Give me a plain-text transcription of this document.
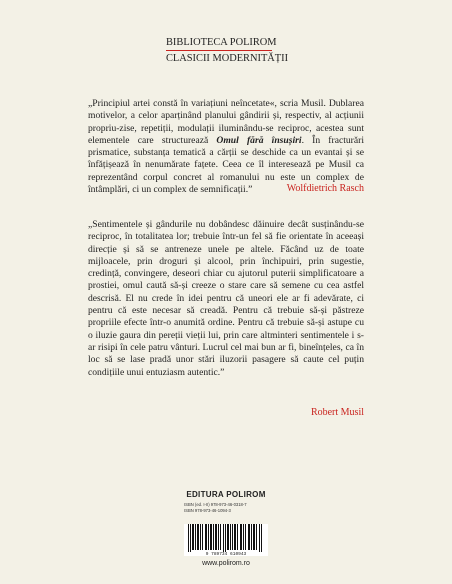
BIBLIOTECA POLIROM
CLASICII MODERNITĂȚII
„Principiul artei constă în variațiuni neîncetate«, scria Musil. Dublarea motivelor, a celor aparținând planului gândirii și, respectiv, al acțiunii propriu-zise, repetiții, modulații iluminându-se reciproc, acestea sunt elementele care structurează Omul fără însușiri. În fracturări prismatice, substanța tematică a cărții se deschide ca un evantai și se înfățișează în nenumărate fațete. Ceea ce îl interesează pe Musil ca reprezentând corpul concret al romanului nu este un complex de întâmplări, ci un complex de semnificații.”	Wolfdietrich Rasch
„Sentimentele și gândurile nu dobândesc dăinuire decât susținându-se reciproc, în totalitatea lor; trebuie într-un fel să fie orientate în aceeași direcție și să se antreneze unele pe altele. Făcând uz de toate mijloacele, prin droguri și alcool, prin închipuiri, prin sugestie, credință, convingere, deseori chiar cu ajutorul puterii simplificatoare a prostiei, omul caută să-și creeze o stare care să semene cu cea astfel descrisă. El nu crede în idei pentru că uneori ele ar fi adevărate, ci pentru că este necesar să creadă. Pentru că trebuie să-și păstreze propriile efecte într-o anumită ordine. Pentru că trebuie să-și astupe cu o iluzie gaura din pereții vieții lui, prin care altminteri sentimentele i s-ar risipi în cele patru vânturi. Lucrul cel mai bun ar fi, bineînțeles, ca în loc să se lase pradă unor stări iluzorii pasagere să caute cel puțin condițiile unui entuziasm autentic.”
Robert Musil
EDITURA POLIROM
ISBN (ed. I-II) 978-973-46-0318-7
ISBN 978-973-46-1094-3
9 789734 610943
www.polirom.ro
